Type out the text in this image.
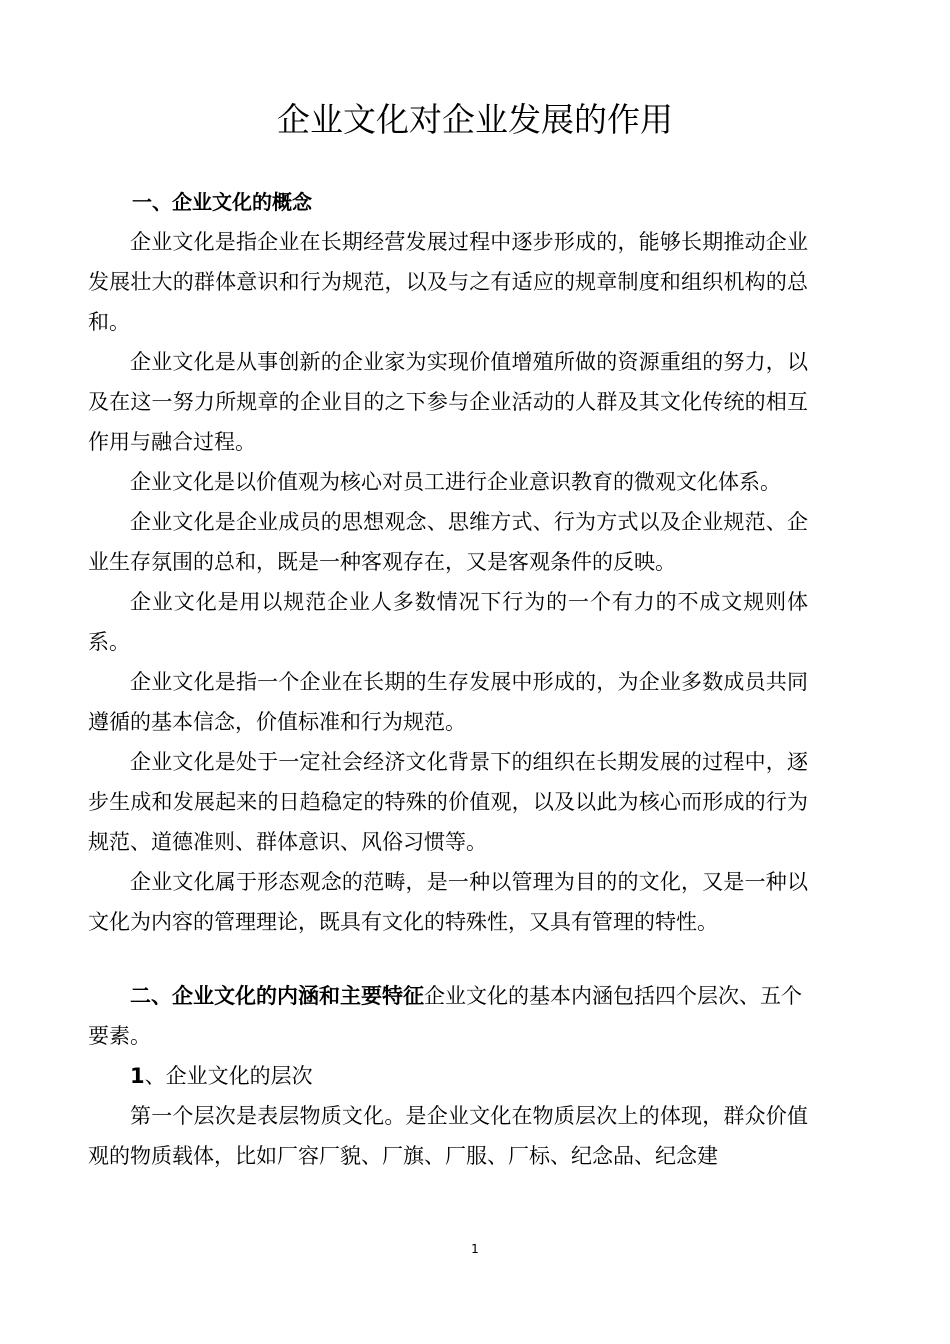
企业文化对企业发展的作用
一、企业文化的概念

企业文化是指企业在长期经营发展过程中逐步形成的，能够长期推动企业发展壮大的群体意识和行为规范，以及与之有适应的规章制度和组织机构的总和。

企业文化是从事创新的企业家为实现价值增殖所做的资源重组的努力，以及在这一努力所规章的企业目的之下参与企业活动的人群及其文化传统的相互作用与融合过程。

企业文化是以价值观为核心对员工进行企业意识教育的微观文化体系。

企业文化是企业成员的思想观念、思维方式、行为方式以及企业规范、企业生存氛围的总和，既是一种客观存在，又是客观条件的反映。

企业文化是用以规范企业人多数情况下行为的一个有力的不成文规则体系。

企业文化是指一个企业在长期的生存发展中形成的，为企业多数成员共同遵循的基本信念，价值标准和行为规范。

企业文化是处于一定社会经济文化背景下的组织在长期发展的过程中，逐步生成和发展起来的日趋稳定的特殊的价值观，以及以此为核心而形成的行为规范、道德准则、群体意识、风俗习惯等。

企业文化属于形态观念的范畴，是一种以管理为目的的文化，又是一种以文化为内容的管理理论，既具有文化的特殊性，又具有管理的特性。

二、企业文化的内涵和主要特征企业文化的基本内涵包括四个层次、五个要素。

1、企业文化的层次

第一个层次是表层物质文化。是企业文化在物质层次上的体现，群众价值观的物质载体，比如厂容厂貌、厂旗、厂服、厂标、纪念品、纪念建

1
